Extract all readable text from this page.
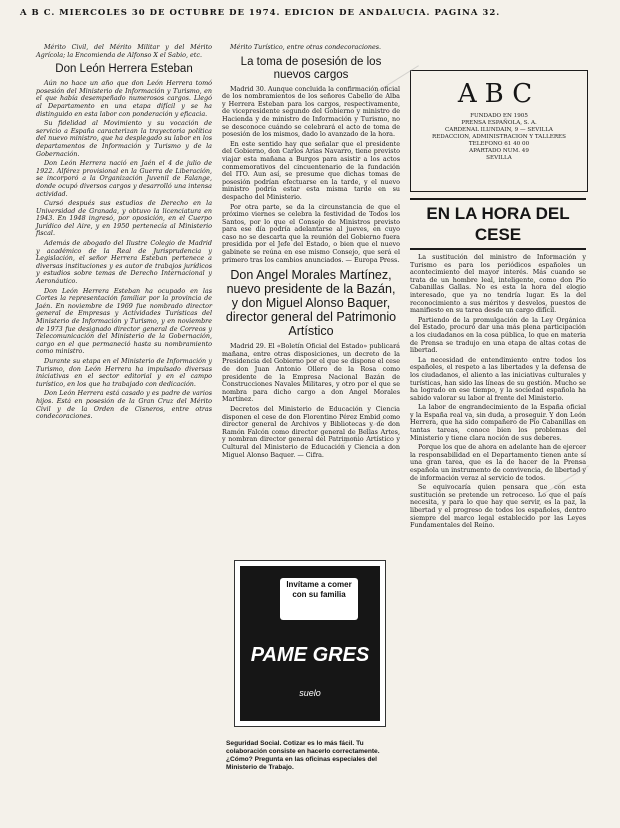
A B C. MIERCOLES 30 DE OCTUBRE DE 1974. EDICION DE ANDALUCIA. PAGINA 32.

Mérito Civil, del Mérito Militar y del Mérito Agrícola; la Encomienda de Alfonso X el Sabio, etc.

Don León Herrera Esteban

Aún no hace un año que don León Herrera tomó posesión del Ministerio de Información y Turismo, en el que había desempeñado numerosos cargos. Llegó al Departamento en una etapa difícil y se ha distinguido en esta labor con ponderación y eficacia.

Su fidelidad al Movimiento y su vocación de servicio a España caracterizan la trayectoria política del nuevo ministro, que ha desplegado su labor en los departamentos de Información y Turismo y de la Gobernación.

Don León Herrera nació en Jaén el 4 de julio de 1922. Alférez provisional en la Guerra de Liberación, se incorporó a la Organización Juvenil de Falange, donde ocupó diversos cargos y desarrolló una intensa actividad.

Cursó después sus estudios de Derecho en la Universidad de Granada, y obtuvo la licenciatura en 1943. En 1948 ingresó, por oposición, en el Cuerpo Jurídico del Aire, y en 1950 pertenecía al Ministerio fiscal.

Además de abogado del Ilustre Colegio de Madrid y académico de la Real de Jurisprudencia y Legislación, el señor Herrera Esteban pertenece a diversas instituciones y es autor de trabajos jurídicos y estudios sobre temas de Derecho Internacional y Aeronáutico.

Don León Herrera Esteban ha ocupado en las Cortes la representación familiar por la provincia de Jaén. En noviembre de 1969 fue nombrado director general de Empresas y Actividades Turísticas del Ministerio de Información y Turismo, y en noviembre de 1973 fue designado director general de Correos y Telecomunicación del Ministerio de la Gobernación, cargo en el que permaneció hasta su nombramiento como ministro.

Durante su etapa en el Ministerio de Información y Turismo, don León Herrera ha impulsado diversas iniciativas en el sector editorial y en el campo turístico, en los que ha trabajado con dedicación.

Don León Herrera está casado y es padre de varios hijos. Está en posesión de la Gran Cruz del Mérito Civil y de la Orden de Cisneros, entre otras condecoraciones.

Mérito Turístico, entre otras condecoraciones.

La toma de posesión de los nuevos cargos

Madrid 30. Aunque concluida la confirmación oficial de los nombramientos de los señores Cabello de Alba y Herrera Esteban para los cargos, respectivamente, de vicepresidente segundo del Gobierno y ministro de Hacienda y de ministro de Información y Turismo, no se desconoce cuándo se celebrará el acto de toma de posesión de los mismos, dado lo avanzado de la hora.

En este sentido hay que señalar que el presidente del Gobierno, don Carlos Arias Navarro, tiene previsto viajar esta mañana a Burgos para asistir a los actos conmemorativos del cincuentenario de la fundación del ITO. Aun así, se presume que dichas tomas de posesión podrían efectuarse en la tarde, y el nuevo ministro podría estar esta misma tarde en su despacho del Ministerio.

Por otra parte, se da la circunstancia de que el próximo viernes se celebra la festividad de Todos los Santos, por lo que el Consejo de Ministros previsto para ese día podría adelantarse al jueves, en cuyo caso no se descarta que la reunión del Gobierno fuera presidida por el Jefe del Estado, o bien que el nuevo gabinete se reúna en ese mismo Consejo, que será el primero tras los cambios anunciados. — Europa Press.

Don Angel Morales Martínez, nuevo presidente de la Bazán, y don Miguel Alonso Baquer, director general del Patrimonio Artístico

Madrid 29. El «Boletín Oficial del Estado» publicará mañana, entre otras disposiciones, un decreto de la Presidencia del Gobierno por el que se dispone el cese de don Juan Antonio Ollero de la Rosa como presidente de la Empresa Nacional Bazán de Construcciones Navales Militares, y otro por el que se nombra para dicho cargo a don Angel Morales Martínez.

Decretos del Ministerio de Educación y Ciencia disponen el cese de don Florentino Pérez Embid como director general de Archivos y Bibliotecas y de don Ramón Falcón como director general de Bellas Artes, y nombran director general del Patrimonio Artístico y Cultural del Ministerio de Educación y Ciencia a don Miguel Alonso Baquer. — Cifra.

ABC
FUNDADO EN 1905
PRENSA ESPAÑOLA, S. A.
CARDENAL ILUNDAIN, 9 — SEVILLA
REDACCION, ADMINISTRACION Y TALLERES
TELEFONO 61 40 00
APARTADO NUM. 49
SEVILLA
EN LA HORA DEL CESE

La sustitución del ministro de Información y Turismo es para los periódicos españoles un acontecimiento del mayor interés. Más cuando se trata de un hombre leal, inteligente, como don Pío Cabanillas Gallas. No es esta la hora del elogio interesado, que ya no tendría lugar. Es la del reconocimiento a sus méritos y desvelos, puestos de manifiesto en su tarea desde un cargo difícil.

Partiendo de la promulgación de la Ley Orgánica del Estado, procuró dar una más plena participación a los ciudadanos en la cosa pública, lo que en materia de Prensa se tradujo en una etapa de altas cotas de libertad.

La necesidad de entendimiento entre todos los españoles, el respeto a las libertades y la defensa de los ciudadanos, el aliento a las iniciativas culturales y turísticas, han sido las líneas de su gestión. Mucho se ha logrado en ese tiempo, y la sociedad española ha sabido valorar su labor al frente del Ministerio.

La labor de engrandecimiento de la España oficial y la España real va, sin duda, a proseguir. Y don León Herrera, que ha sido compañero de Pío Cabanillas en tantas tareas, conoce bien los problemas del Ministerio y tiene clara noción de sus deberes.

Porque los que de ahora en adelante han de ejercer la responsabilidad en el Departamento tienen ante sí una gran tarea, que es la de hacer de la Prensa española un instrumento de convivencia, de libertad y de información veraz al servicio de todos.

Se equivocaría quien pensara que con esta sustitución se pretende un retroceso. Lo que el país necesita, y para lo que hay que servir, es la paz, la libertad y el progreso de todos los españoles, dentro siempre del marco legal establecido por las Leyes Fundamentales del Reino.

Invítame a comer con su familia
PAME GRES
suelo
Seguridad Social. Cotizar es lo más fácil. Tu colaboración consiste en hacerlo correctamente. ¿Cómo? Pregunta en las oficinas especiales del Ministerio de Trabajo.
